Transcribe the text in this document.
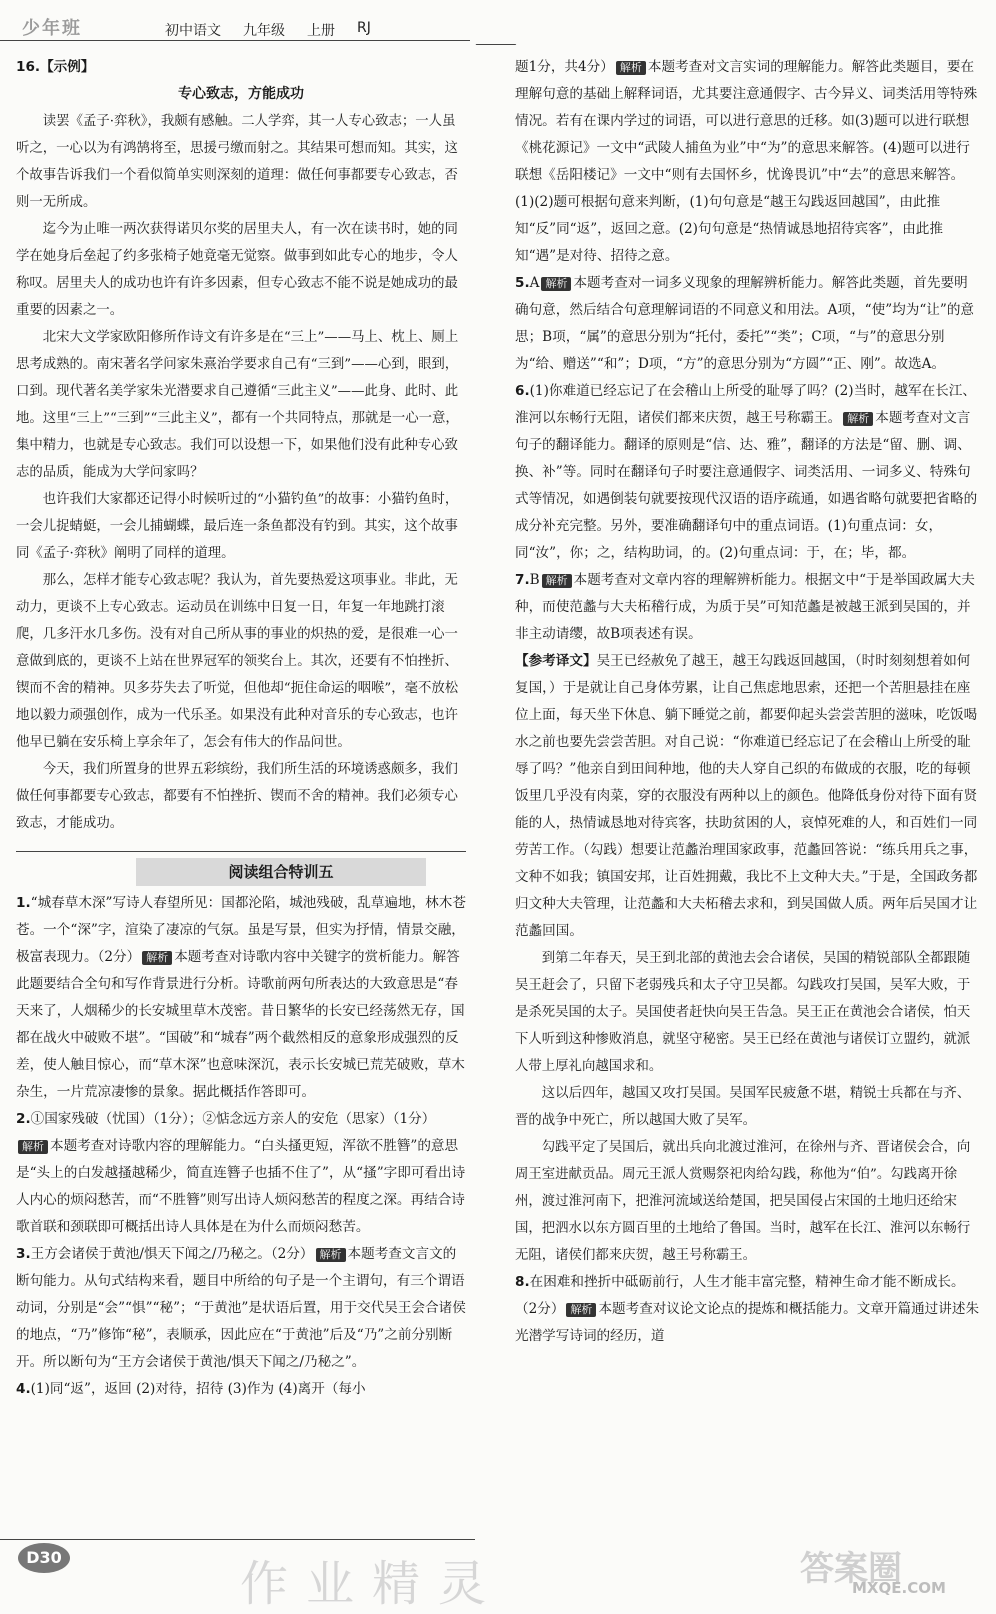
少年班	初中语文 九年级 上册 RJ
16.【示例】

专心致志，方能成功

读罢《孟子·弈秋》，我颇有感触。二人学弈，其一人专心致志；一人虽听之，一心以为有鸿鹄将至，思援弓缴而射之。其结果可想而知。其实，这个故事告诉我们一个看似简单实则深刻的道理：做任何事都要专心致志，否则一无所成。

迄今为止唯一两次获得诺贝尔奖的居里夫人，有一次在读书时，她的同学在她身后垒起了约多张椅子她竟毫无觉察。做事到如此专心的地步，令人称叹。居里夫人的成功也许有许多因素，但专心致志不能不说是她成功的最重要的因素之一。

北宋大文学家欧阳修所作诗文有许多是在“三上”——马上、枕上、厕上思考成熟的。南宋著名学问家朱熹治学要求自己有“三到”——心到，眼到，口到。现代著名美学家朱光潜要求自己遵循“三此主义”——此身、此时、此地。这里“三上”“三到”“三此主义”，都有一个共同特点，那就是一心一意，集中精力，也就是专心致志。我们可以设想一下，如果他们没有此种专心致志的品质，能成为大学问家吗？

也许我们大家都还记得小时候听过的“小猫钓鱼”的故事：小猫钓鱼时，一会儿捉蜻蜓，一会儿捕蝴蝶，最后连一条鱼都没有钓到。其实，这个故事同《孟子·弈秋》阐明了同样的道理。

那么，怎样才能专心致志呢？我认为，首先要热爱这项事业。非此，无动力，更谈不上专心致志。运动员在训练中日复一日，年复一年地跳打滚爬，几多汗水几多伤。没有对自己所从事的事业的炽热的爱，是很难一心一意做到底的，更谈不上站在世界冠军的领奖台上。其次，还要有不怕挫折、锲而不舍的精神。贝多芬失去了听觉，但他却“扼住命运的咽喉”，毫不放松地以毅力顽强创作，成为一代乐圣。如果没有此种对音乐的专心致志，也许他早已躺在安乐椅上享余年了，怎会有伟大的作品问世。

今天，我们所置身的世界五彩缤纷，我们所生活的环境诱惑颇多，我们做任何事都要专心致志，都要有不怕挫折、锲而不舍的精神。我们必须专心致志，才能成功。

阅读组合特训五

1.“城春草木深”写诗人春望所见：国都沦陷，城池残破，乱草遍地，林木苍苍。一个“深”字，渲染了凄凉的气氛。虽是写景，但实为抒情，情景交融，极富表现力。（2分） 解析 本题考查对诗歌内容中关键字的赏析能力。解答此题要结合全句和写作背景进行分析。诗歌前两句所表达的大致意思是“春天来了，人烟稀少的长安城里草木茂密。昔日繁华的长安已经荡然无存，国都在战火中破败不堪”。“国破”和“城春”两个截然相反的意象形成强烈的反差，使人触目惊心，而“草木深”也意味深沉，表示长安城已荒芜破败，草木杂生，一片荒凉凄惨的景象。据此概括作答即可。

2.①国家残破（忧国）（1分）；②惦念远方亲人的安危（思家）（1分）解析 本题考查对诗歌内容的理解能力。“白头搔更短，浑欲不胜簪”的意思是“头上的白发越搔越稀少，简直连簪子也插不住了”，从“搔”字即可看出诗人内心的烦闷愁苦，而“不胜簪”则写出诗人烦闷愁苦的程度之深。再结合诗歌首联和颈联即可概括出诗人具体是在为什么而烦闷愁苦。

3.王方会诸侯于黄池/惧天下闻之/乃秘之。（2分） 解析 本题考查文言文的断句能力。从句式结构来看，题目中所给的句子是一个主谓句，有三个谓语动词，分别是“会”“惧”“秘”；“于黄池”是状语后置，用于交代吴王会合诸侯的地点，“乃”修饰“秘”，表顺承，因此应在“于黄池”后及“乃”之前分别断开。所以断句为“王方会诸侯于黄池/惧天下闻之/乃秘之”。

4.(1)同“返”，返回 (2)对待，招待 (3)作为 (4)离开（每小

题1分，共4分） 解析 本题考查对文言实词的理解能力。解答此类题目，要在理解句意的基础上解释词语，尤其要注意通假字、古今异义、词类活用等特殊情况。若有在课内学过的词语，可以进行意思的迁移。如(3)题可以进行联想《桃花源记》一文中“武陵人捕鱼为业”中“为”的意思来解答。(4)题可以进行联想《岳阳楼记》一文中“则有去国怀乡，忧谗畏讥”中“去”的意思来解答。(1)(2)题可根据句意来判断，(1)句句意是“越王勾践返回越国”，由此推知“反”同“返”，返回之意。(2)句句意是“热情诚恳地招待宾客”，由此推知“遇”是对待、招待之意。

5.A 解析 本题考查对一词多义现象的理解辨析能力。解答此类题，首先要明确句意，然后结合句意理解词语的不同意义和用法。A项，“使”均为“让”的意思；B项，“属”的意思分别为“托付，委托”“类”；C项，“与”的意思分别为“给、赠送”“和”；D项，“方”的意思分别为“方圆”“正、刚”。故选A。

6.(1)你难道已经忘记了在会稽山上所受的耻辱了吗？(2)当时，越军在长江、淮河以东畅行无阻，诸侯们都来庆贺，越王号称霸王。 解析 本题考查对文言句子的翻译能力。翻译的原则是“信、达、雅”，翻译的方法是“留、删、调、换、补”等。同时在翻译句子时要注意通假字、词类活用、一词多义、特殊句式等情况，如遇倒装句就要按现代汉语的语序疏通，如遇省略句就要把省略的成分补充完整。另外，要准确翻译句中的重点词语。(1)句重点词：女，同“汝”，你；之，结构助词，的。(2)句重点词：于，在；毕，都。

7.B 解析 本题考查对文章内容的理解辨析能力。根据文中“于是举国政属大夫种，而使范蠡与大夫柘稽行成，为质于吴”可知范蠡是被越王派到吴国的，并非主动请缨，故B项表述有误。

【参考译文】吴王已经赦免了越王，越王勾践返回越国，（时时刻刻想着如何复国，）于是就让自己身体劳累，让自己焦虑地思索，还把一个苦胆悬挂在座位上面，每天坐下休息、躺下睡觉之前，都要仰起头尝尝苦胆的滋味，吃饭喝水之前也要先尝尝苦胆。对自己说：“你难道已经忘记了在会稽山上所受的耻辱了吗？”他亲自到田间种地，他的夫人穿自己织的布做成的衣服，吃的每顿饭里几乎没有肉菜，穿的衣服没有两种以上的颜色。他降低身份对待下面有贤能的人，热情诚恳地对待宾客，扶助贫困的人，哀悼死难的人，和百姓们一同劳苦工作。（勾践）想要让范蠡治理国家政事，范蠡回答说：“练兵用兵之事，文种不如我；镇国安邦，让百姓拥戴，我比不上文种大夫。”于是，全国政务都归文种大夫管理，让范蠡和大夫柘稽去求和，到吴国做人质。两年后吴国才让范蠡回国。

到第二年春天，吴王到北部的黄池去会合诸侯，吴国的精锐部队全都跟随吴王赶会了，只留下老弱残兵和太子守卫吴都。勾践攻打吴国，吴军大败，于是杀死吴国的太子。吴国使者赶快向吴王告急。吴王正在黄池会合诸侯，怕天下人听到这种惨败消息，就坚守秘密。吴王已经在黄池与诸侯订立盟约，就派人带上厚礼向越国求和。

这以后四年，越国又攻打吴国。吴国军民疲惫不堪，精锐士兵都在与齐、晋的战争中死亡，所以越国大败了吴军。

勾践平定了吴国后，就出兵向北渡过淮河，在徐州与齐、晋诸侯会合，向周王室进献贡品。周元王派人赏赐祭祀肉给勾践，称他为“伯”。勾践离开徐州，渡过淮河南下，把淮河流域送给楚国，把吴国侵占宋国的土地归还给宋国，把泗水以东方圆百里的土地给了鲁国。当时，越军在长江、淮河以东畅行无阻，诸侯们都来庆贺，越王号称霸王。

8.在困难和挫折中砥砺前行，人生才能丰富完整，精神生命才能不断成长。（2分） 解析 本题考查对议论文论点的提炼和概括能力。文章开篇通过讲述朱光潜学写诗词的经历，道

D30	作业精灵	答案圈
MXQE.COM
